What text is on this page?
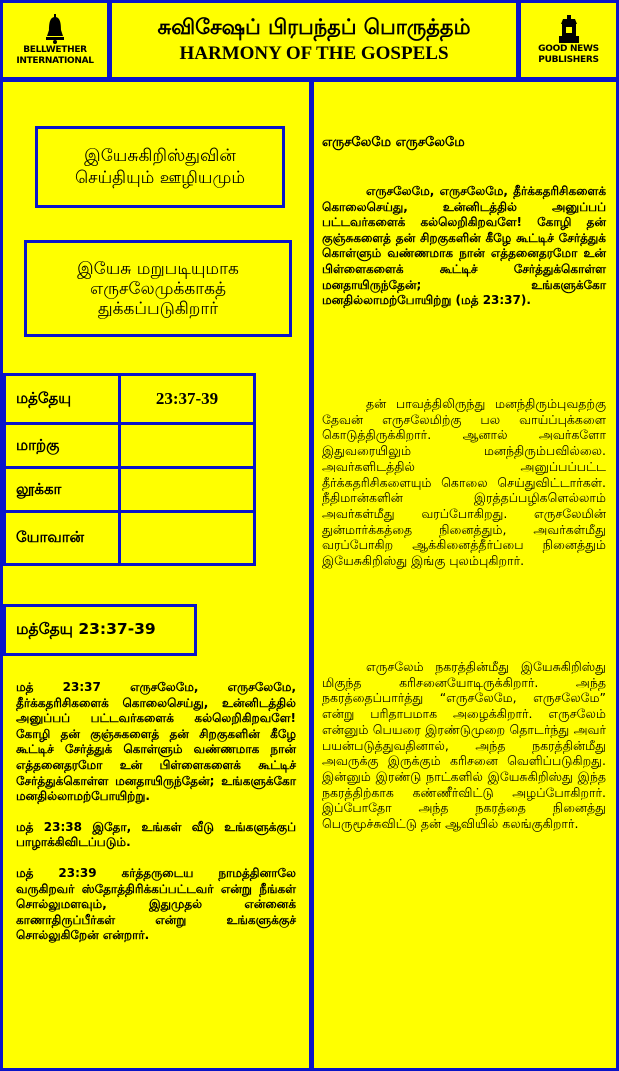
BELLWETHER
INTERNATIONAL
சுவிசேஷப் பிரபந்தப் பொருத்தம்
HARMONY OF THE GOSPELS	GOOD NEWS
PUBLISHERS
இயேசுகிறிஸ்துவின் செய்தியும் ஊழியமும்
இயேசு மறுபடியுமாக எருசலேமுக்காகத் துக்கப்படுகிறார்
மத்தேயு	23:37-39
மாற்கு
லூக்கா
யோவான்
மத்தேயு 23:37-39

மத் 23:37 எருசலேமே, எருசலேமே, தீர்க்கதரிசிகளைக் கொலைசெய்து, உன்னிடத்தில் அனுப்பப் பட்டவர்களைக் கல்லெறிகிறவளே! கோழி தன் குஞ்சுகளைத் தன் சிறகுகளின் கீழே கூட்டிச் சேர்த்துக் கொள்ளும் வண்ணமாக நான் எத்தனைதரமோ உன் பிள்ளைகளைக் கூட்டிச் சேர்த்துக்கொள்ள மனதாயிருந்தேன்; உங்களுக்கோ மனதில்லாமற்போயிற்று.

மத் 23:38 இதோ, உங்கள் வீடு உங்களுக்குப் பாழாக்கிவிடப்படும்.

மத் 23:39 கர்த்தருடைய நாமத்தினாலே வருகிறவர் ஸ்தோத்திரிக்கப்பட்டவர் என்று நீங்கள் சொல்லுமளவும், இதுமுதல் என்னைக் காணாதிருப்பீர்கள் என்று உங்களுக்குச் சொல்லுகிறேன் என்றார்.

எருசலேமே எருசலேமே

எருசலேமே, எருசலேமே, தீர்க்கதரிசிகளைக் கொலைசெய்து, உன்னிடத்தில் அனுப்பப் பட்டவர்களைக் கல்லெறிகிறவளே! கோழி தன் குஞ்சுகளைத் தன் சிறகுகளின் கீழே கூட்டிச் சேர்த்துக் கொள்ளும் வண்ணமாக நான் எத்தனைதரமோ உன் பிள்ளைகளைக் கூட்டிச் சேர்த்துக்கொள்ள மனதாயிருந்தேன்; உங்களுக்கோ மனதில்லாமற்போயிற்று (மத் 23:37).

தன் பாவத்திலிருந்து மனந்திரும்புவதற்கு தேவன் எருசலேமிற்கு பல வாய்ப்புக்களை கொடுத்திருக்கிறார். ஆனால் அவர்களோ இதுவரையிலும் மனந்திரும்பவில்லை. அவர்களிடத்தில் அனுப்பப்பட்ட தீர்க்கதரிசிகளையும் கொலை செய்துவிட்டார்கள். நீதிமான்களின் இரத்தப்பழிகளெல்லாம் அவர்கள்மீது வரப்போகிறது. எருசலேமின் துன்மார்க்கத்தை நினைத்தும், அவர்கள்மீது வரப்போகிற ஆக்கினைத்தீர்ப்பை நினைத்தும் இயேசுகிறிஸ்து இங்கு புலம்புகிறார்.

எருசலேம் நகரத்தின்மீது இயேசுகிறிஸ்து மிகுந்த கரிசனையோடிருக்கிறார். அந்த நகரத்தைப்பார்த்து “எருசலேமே, எருசலேமே” என்று பரிதாபமாக அழைக்கிறார். எருசலேம் என்னும் பெயரை இரண்டுமுறை தொடர்ந்து அவர் பயன்படுத்துவதினால், அந்த நகரத்தின்மீது அவருக்கு இருக்கும் கரிசனை வெளிப்படுகிறது. இன்னும் இரண்டு நாட்களில் இயேசுகிறிஸ்து இந்த நகரத்திற்காக கண்ணீர்விட்டு அழப்போகிறார். இப்போதோ அந்த நகரத்தை நினைத்து பெருமூச்சுவிட்டு தன் ஆவியில் கலங்குகிறார்.
